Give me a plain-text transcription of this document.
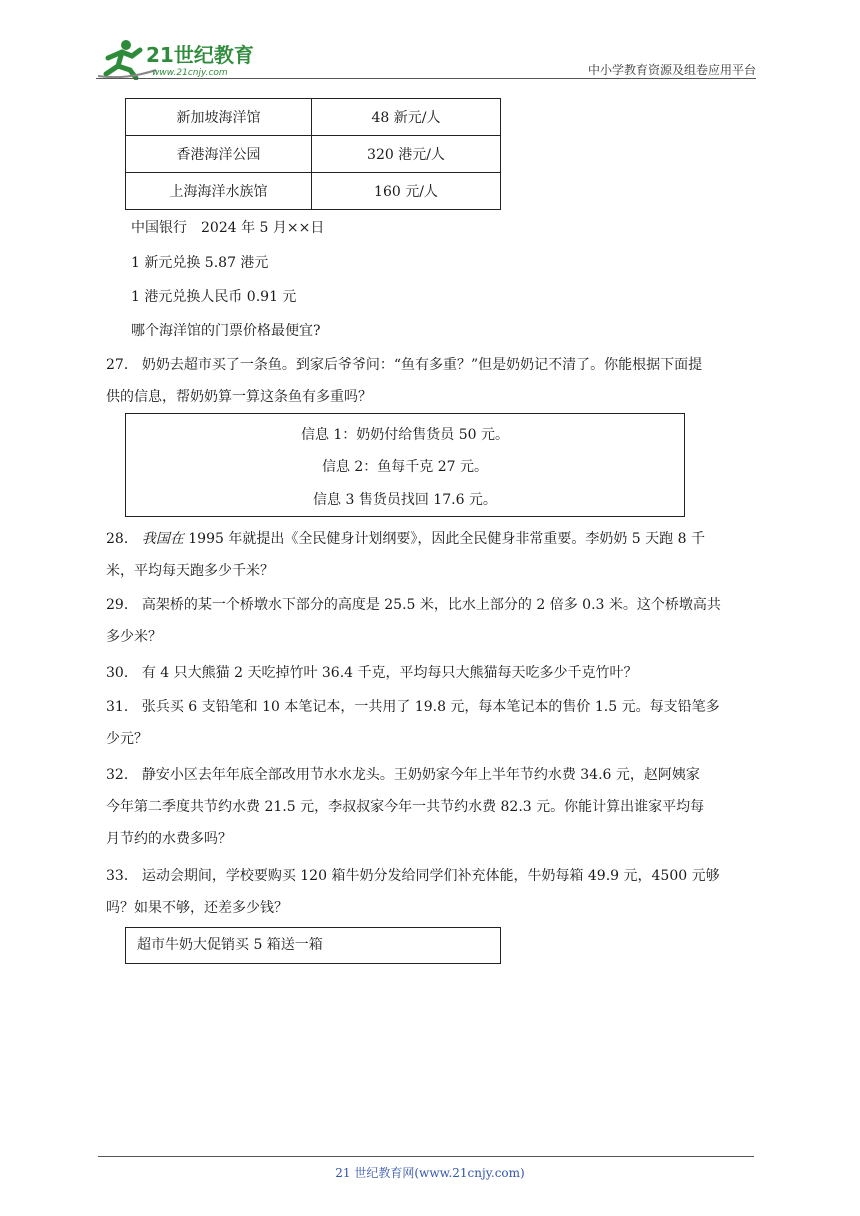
21世纪教育
www.21cnjy.com	中小学教育资源及组卷应用平台
新加坡海洋馆	48 新元/人
香港海洋公园	320 港元/人
上海海洋水族馆	160 元/人
中国银行　2024 年 5 月××日
1 新元兑换 5.87 港元
1 港元兑换人民币 0.91 元
哪个海洋馆的门票价格最便宜?
27． 奶奶去超市买了一条鱼。到家后爷爷问：“鱼有多重？”但是奶奶记不清了。你能根据下面提
供的信息，帮奶奶算一算这条鱼有多重吗？
信息 1：奶奶付给售货员 50 元。
信息 2：鱼每千克 27 元。
信息 3 售货员找回 17.6 元。
28． 我国在 1995 年就提出《全民健身计划纲要》，因此全民健身非常重要。李奶奶 5 天跑 8 千
米，平均每天跑多少千米？
29． 高架桥的某一个桥墩水下部分的高度是 25.5 米，比水上部分的 2 倍多 0.3 米。这个桥墩高共
多少米？
30． 有 4 只大熊猫 2 天吃掉竹叶 36.4 千克，平均每只大熊猫每天吃多少千克竹叶？
31． 张兵买 6 支铅笔和 10 本笔记本，一共用了 19.8 元，每本笔记本的售价 1.5 元。每支铅笔多
少元？
32． 静安小区去年年底全部改用节水水龙头。王奶奶家今年上半年节约水费 34.6 元，赵阿姨家
今年第二季度共节约水费 21.5 元，李叔叔家今年一共节约水费 82.3 元。你能计算出谁家平均每
月节约的水费多吗？
33． 运动会期间，学校要购买 120 箱牛奶分发给同学们补充体能，牛奶每箱 49.9 元，4500 元够
吗？如果不够，还差多少钱？
超市牛奶大促销买 5 箱送一箱
21 世纪教育网(www.21cnjy.com)
